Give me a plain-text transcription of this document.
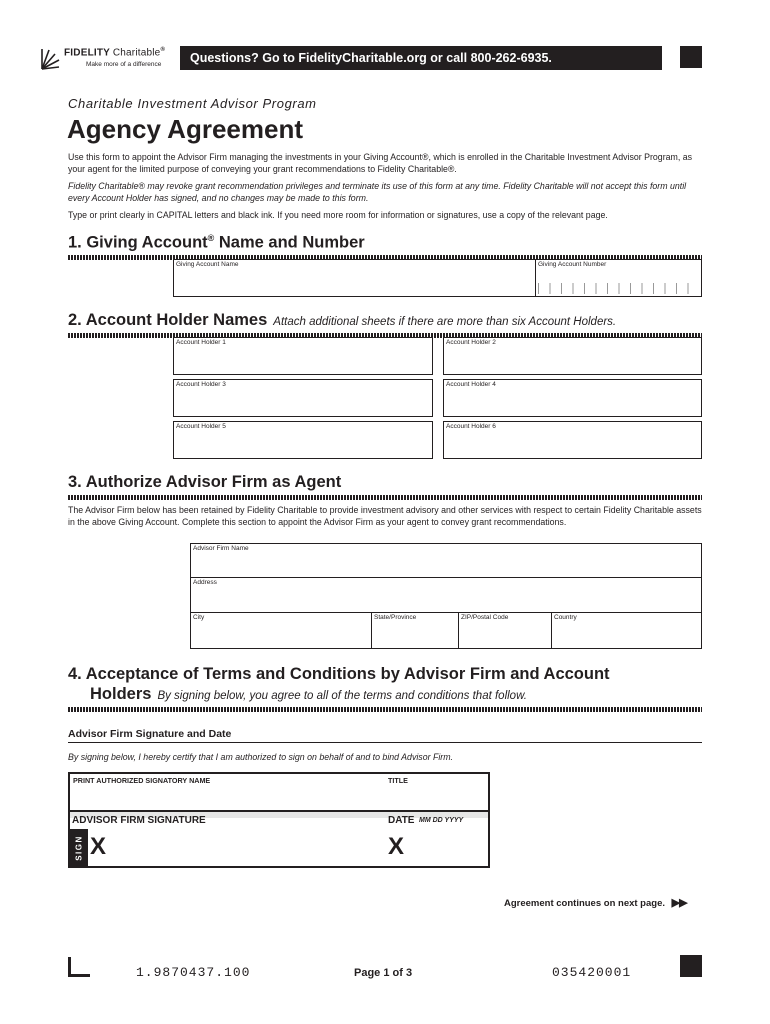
FIDELITY Charitable®
Make more of a difference	Questions? Go to FidelityCharitable.org or call 800-262-6935.
Charitable Investment Advisor Program
Agency Agreement
Use this form to appoint the Advisor Firm managing the investments in your Giving Account®, which is enrolled in the Charitable Investment Advisor Program, as your agent for the limited purpose of conveying your grant recommendations to Fidelity Charitable®.
Fidelity Charitable® may revoke grant recommendation privileges and terminate its use of this form at any time. Fidelity Charitable will not accept this form until every Account Holder has signed, and no changes may be made to this form.
Type or print clearly in CAPITAL letters and black ink. If you need more room for information or signatures, use a copy of the relevant page.
1. Giving Account® Name and Number
Giving Account Name	Giving Account Number
2. Account Holder Names Attach additional sheets if there are more than six Account Holders.
Account Holder 1	Account Holder 2
Account Holder 3	Account Holder 4
Account Holder 5	Account Holder 6
3. Authorize Advisor Firm as Agent
The Advisor Firm below has been retained by Fidelity Charitable to provide investment advisory and other services with respect to certain Fidelity Charitable assets in the above Giving Account. Complete this section to appoint the Advisor Firm as your agent to convey grant recommendations.
Advisor Firm Name
Address
City	State/Province	ZIP/Postal Code	Country
4. Acceptance of Terms and Conditions by Advisor Firm and Account
Holders By signing below, you agree to all of the terms and conditions that follow.
Advisor Firm Signature and Date
By signing below, I hereby certify that I am authorized to sign on behalf of and to bind Advisor Firm.
PRINT AUTHORIZED SIGNATORY NAME	TITLE
ADVISOR FIRM SIGNATURE	DATE MM DD YYYY
SIGN X	X
Agreement continues on next page. ▶▶
1.9870437.100	Page 1 of 3	035420001
